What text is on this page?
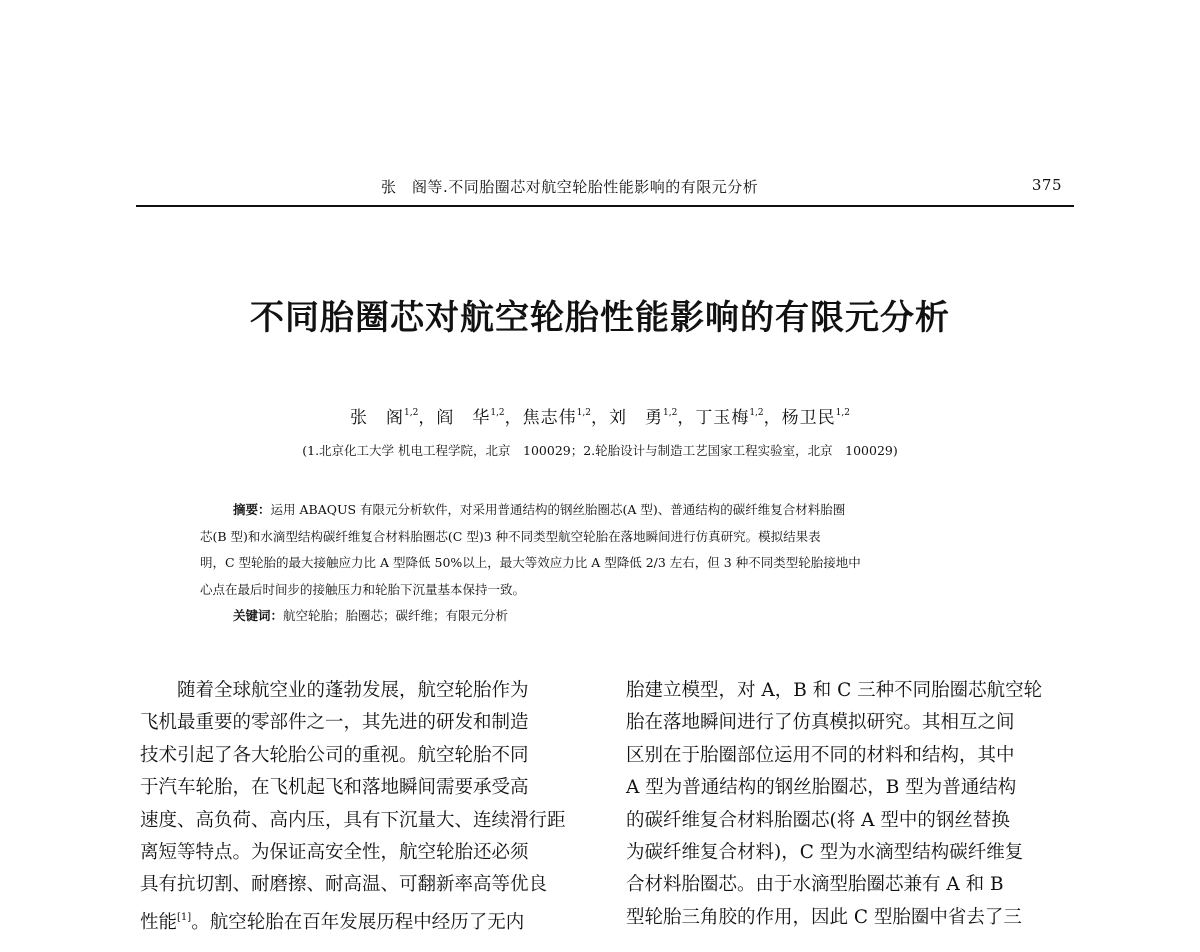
张　阁等.不同胎圈芯对航空轮胎性能影响的有限元分析	375
不同胎圈芯对航空轮胎性能影响的有限元分析
张　阁$^{1,2}$，阎　华$^{1,2}$，焦志伟$^{1,2}$，刘　勇$^{1,2}$，丁玉梅$^{1,2}$，杨卫民$^{1,2}$
(1.北京化工大学 机电工程学院，北京　100029；2.轮胎设计与制造工艺国家工程实验室，北京　100029)
摘要：运用 ABAQUS 有限元分析软件，对采用普通结构的钢丝胎圈芯(A 型)、普通结构的碳纤维复合材料胎圈
芯(B 型)和水滴型结构碳纤维复合材料胎圈芯(C 型)3 种不同类型航空轮胎在落地瞬间进行仿真研究。模拟结果表
明，C 型轮胎的最大接触应力比 A 型降低 50%以上，最大等效应力比 A 型降低 2/3 左右，但 3 种不同类型轮胎接地中
心点在最后时间步的接触压力和轮胎下沉量基本保持一致。
关键词：航空轮胎；胎圈芯；碳纤维；有限元分析
随着全球航空业的蓬勃发展，航空轮胎作为
飞机最重要的零部件之一，其先进的研发和制造
技术引起了各大轮胎公司的重视。航空轮胎不同
于汽车轮胎，在飞机起飞和落地瞬间需要承受高
速度、高负荷、高内压，具有下沉量大、连续滑行距
离短等特点。为保证高安全性，航空轮胎还必须
具有抗切割、耐磨擦、耐高温、可翻新率高等优良
性能[1]。航空轮胎在百年发展历程中经历了无内
胎建立模型，对 A，B 和 C 三种不同胎圈芯航空轮
胎在落地瞬间进行了仿真模拟研究。其相互之间
区别在于胎圈部位运用不同的材料和结构，其中
A 型为普通结构的钢丝胎圈芯，B 型为普通结构
的碳纤维复合材料胎圈芯(将 A 型中的钢丝替换
为碳纤维复合材料)，C 型为水滴型结构碳纤维复
合材料胎圈芯。由于水滴型胎圈芯兼有 A 和 B
型轮胎三角胶的作用，因此 C 型胎圈中省去了三
